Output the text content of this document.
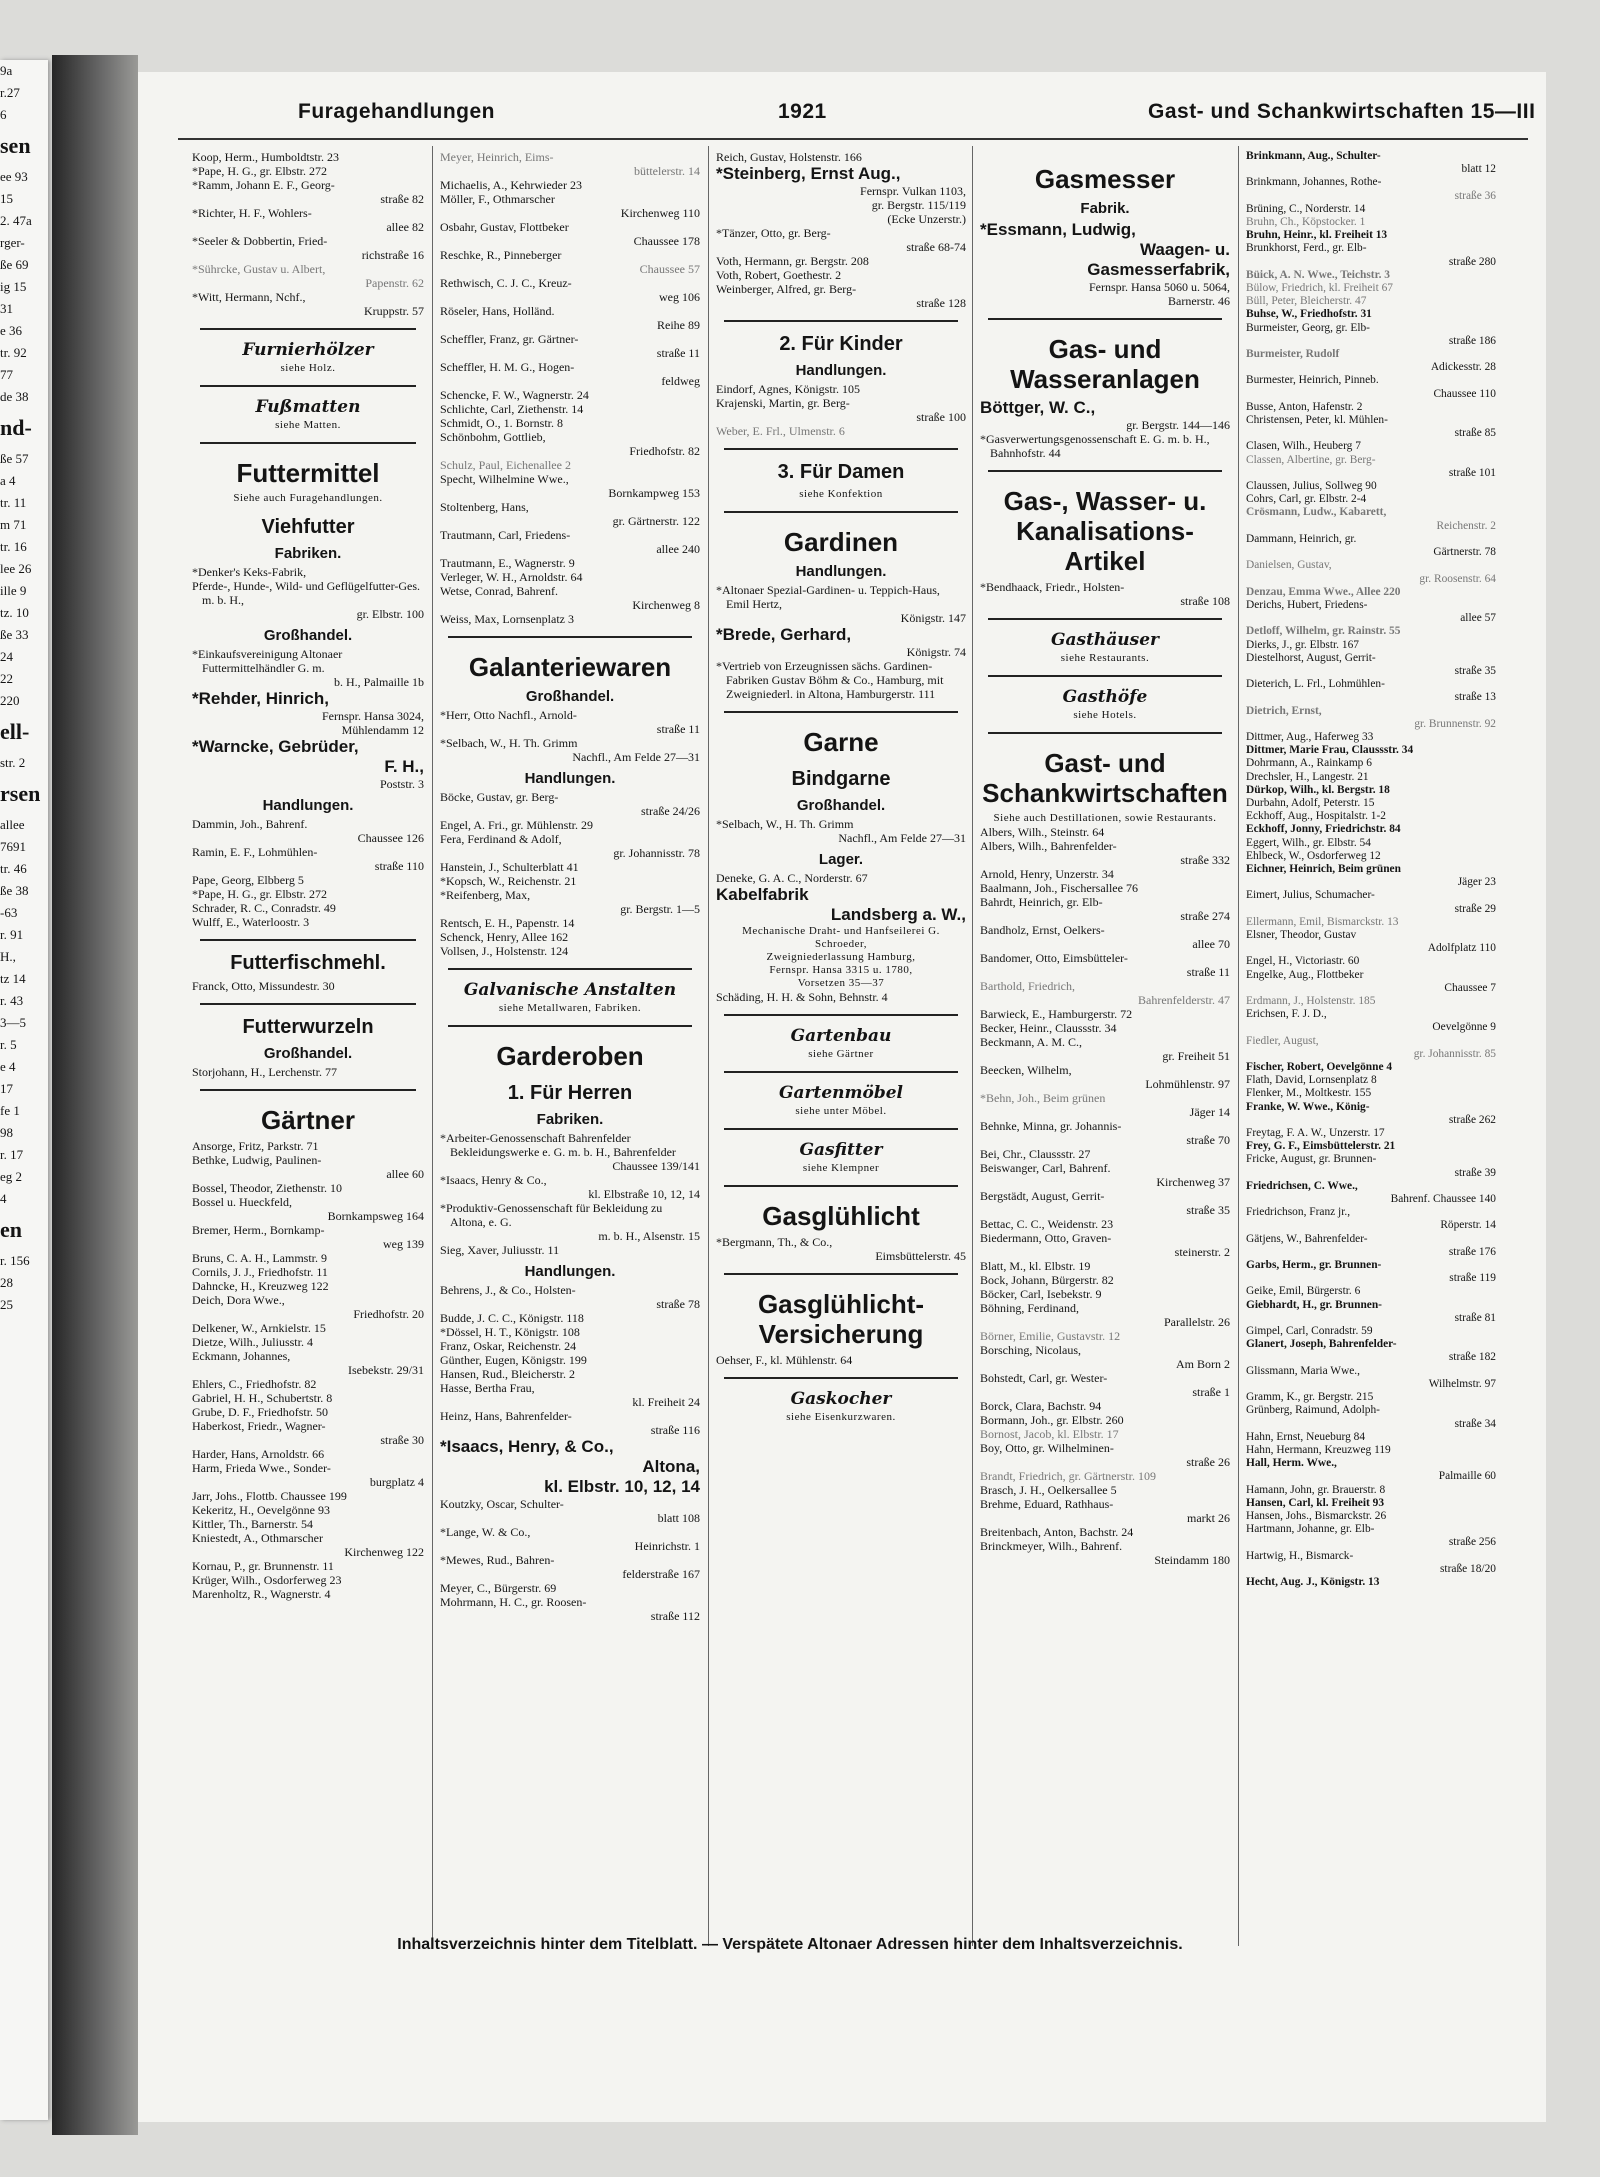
9a
r.27
6
sen
ee 93
15
2. 47a
rger-
ße 69
ig 15
31
e 36
tr. 92
77
de 38
nd-
ße 57
a 4
tr. 11
m 71
tr. 16
lee 26
ille 9
tz. 10
ße 33
24
22
220
ell-
str. 2
rsen
allee
7691
tr. 46
ße 38
-63
r. 91
H.,
tz 14
r. 43
3—5
r. 5
e 4
17
fe 1
98
r. 17
eg 2
4
en
r. 156
28
25
Furagehandlungen	1921	Gast- und Schankwirtschaften 15—III
Koop, Herm., Humboldtstr. 23
*Pape, H. G., gr. Elbstr. 272
*Ramm, Johann E. F., Georg-
straße 82
*Richter, H. F., Wohlers-
allee 82
*Seeler & Dobbertin, Fried-
richstraße 16
*Sührcke, Gustav u. Albert,
Papenstr. 62
*Witt, Hermann, Nchf.,
Kruppstr. 57
Furnierhölzer
siehe Holz.
Fußmatten
siehe Matten.
Futtermittel
Siehe auch Furagehandlungen.
Viehfutter
Fabriken.
*Denker's Keks-Fabrik,
Pferde-, Hunde-, Wild- und Geflügelfutter-Ges. m. b. H.,
gr. Elbstr. 100
Großhandel.
*Einkaufsvereinigung Altonaer Futtermittelhändler G. m.
b. H., Palmaille 1b
*Rehder, Hinrich,
Fernspr. Hansa 3024,
Mühlendamm 12
*Warncke, Gebrüder,
F. H.,
Poststr. 3
Handlungen.
Dammin, Joh., Bahrenf.
Chaussee 126
Ramin, E. F., Lohmühlen-
straße 110
Pape, Georg, Elbberg 5
*Pape, H. G., gr. Elbstr. 272
Schrader, R. C., Conradstr. 49
Wulff, E., Waterloostr. 3
Futterfischmehl.
Franck, Otto, Missundestr. 30
Futterwurzeln
Großhandel.
Storjohann, H., Lerchenstr. 77
Gärtner
Ansorge, Fritz, Parkstr. 71
Bethke, Ludwig, Paulinen-
allee 60
Bossel, Theodor, Ziethenstr. 10
Bossel u. Hueckfeld,
Bornkampsweg 164
Bremer, Herm., Bornkamp-
weg 139
Bruns, C. A. H., Lammstr. 9
Cornils, J. J., Friedhofstr. 11
Dahncke, H., Kreuzweg 122
Deich, Dora Wwe.,
Friedhofstr. 20
Delkener, W., Arnkielstr. 15
Dietze, Wilh., Juliusstr. 4
Eckmann, Johannes,
Isebekstr. 29/31
Ehlers, C., Friedhofstr. 82
Gabriel, H. H., Schubertstr. 8
Grube, D. F., Friedhofstr. 50
Haberkost, Friedr., Wagner-
straße 30
Harder, Hans, Arnoldstr. 66
Harm, Frieda Wwe., Sonder-
burgplatz 4
Jarr, Johs., Flottb. Chaussee 199
Kekeritz, H., Oevelgönne 93
Kittler, Th., Barnerstr. 54
Kniestedt, A., Othmarscher
Kirchenweg 122
Kornau, P., gr. Brunnenstr. 11
Krüger, Wilh., Osdorferweg 23
Marenholtz, R., Wagnerstr. 4
Meyer, Heinrich, Eims-
büttelerstr. 14
Michaelis, A., Kehrwieder 23
Möller, F., Othmarscher
Kirchenweg 110
Osbahr, Gustav, Flottbeker
Chaussee 178
Reschke, R., Pinneberger
Chaussee 57
Rethwisch, C. J. C., Kreuz-
weg 106
Röseler, Hans, Holländ.
Reihe 89
Scheffler, Franz, gr. Gärtner-
straße 11
Scheffler, H. M. G., Hogen-
feldweg
Schencke, F. W., Wagnerstr. 24
Schlichte, Carl, Ziethenstr. 14
Schmidt, O., 1. Bornstr. 8
Schönbohm, Gottlieb,
Friedhofstr. 82
Schulz, Paul, Eichenallee 2
Specht, Wilhelmine Wwe.,
Bornkampweg 153
Stoltenberg, Hans,
gr. Gärtnerstr. 122
Trautmann, Carl, Friedens-
allee 240
Trautmann, E., Wagnerstr. 9
Verleger, W. H., Arnoldstr. 64
Wetse, Conrad, Bahrenf.
Kirchenweg 8
Weiss, Max, Lornsenplatz 3
Galanteriewaren
Großhandel.
*Herr, Otto Nachfl., Arnold-
straße 11
*Selbach, W., H. Th. Grimm
Nachfl., Am Felde 27—31
Handlungen.
Böcke, Gustav, gr. Berg-
straße 24/26
Engel, A. Fri., gr. Mühlenstr. 29
Fera, Ferdinand & Adolf,
gr. Johannisstr. 78
Hanstein, J., Schulterblatt 41
*Kopsch, W., Reichenstr. 21
*Reifenberg, Max,
gr. Bergstr. 1—5
Rentsch, E. H., Papenstr. 14
Schenck, Henry, Allee 162
Vollsen, J., Holstenstr. 124
Galvanische Anstalten
siehe Metallwaren, Fabriken.
Garderoben
1. Für Herren
Fabriken.
*Arbeiter-Genossenschaft Bahrenfelder Bekleidungswerke e. G. m. b. H., Bahrenfelder
Chaussee 139/141
*Isaacs, Henry & Co.,
kl. Elbstraße 10, 12, 14
*Produktiv-Genossenschaft für Bekleidung zu Altona, e. G.
m. b. H., Alsenstr. 15
Sieg, Xaver, Juliusstr. 11
Handlungen.
Behrens, J., & Co., Holsten-
straße 78
Budde, J. C. C., Königstr. 118
*Dössel, H. T., Königstr. 108
Franz, Oskar, Reichenstr. 24
Günther, Eugen, Königstr. 199
Hansen, Rud., Bleicherstr. 2
Hasse, Bertha Frau,
kl. Freiheit 24
Heinz, Hans, Bahrenfelder-
straße 116
*Isaacs, Henry, & Co.,
Altona,
kl. Elbstr. 10, 12, 14
Koutzky, Oscar, Schulter-
blatt 108
*Lange, W. & Co.,
Heinrichstr. 1
*Mewes, Rud., Bahren-
felderstraße 167
Meyer, C., Bürgerstr. 69
Mohrmann, H. C., gr. Roosen-
straße 112
Reich, Gustav, Holstenstr. 166
*Steinberg, Ernst Aug.,
Fernspr. Vulkan 1103,
gr. Bergstr. 115/119
(Ecke Unzerstr.)
*Tänzer, Otto, gr. Berg-
straße 68-74
Voth, Hermann, gr. Bergstr. 208
Voth, Robert, Goethestr. 2
Weinberger, Alfred, gr. Berg-
straße 128
2. Für Kinder
Handlungen.
Eindorf, Agnes, Königstr. 105
Krajenski, Martin, gr. Berg-
straße 100
Weber, E. Frl., Ulmenstr. 6
3. Für Damen
siehe Konfektion
Gardinen
Handlungen.
*Altonaer Spezial-Gardinen- u. Teppich-Haus, Emil Hertz,
Königstr. 147
*Brede, Gerhard,
Königstr. 74
*Vertrieb von Erzeugnissen sächs. Gardinen-Fabriken Gustav Böhm & Co., Hamburg, mit Zweigniederl. in Altona, Hamburgerstr. 111
Garne
Bindgarne
Großhandel.
*Selbach, W., H. Th. Grimm
Nachfl., Am Felde 27—31
Lager.
Deneke, G. A. C., Norderstr. 67
Kabelfabrik
Landsberg a. W.,
Mechanische Draht- und Hanfseilerei G. Schroeder,
Zweigniederlassung Hamburg,
Fernspr. Hansa 3315 u. 1780,
Vorsetzen 35—37
Schäding, H. H. & Sohn, Behnstr. 4
Gartenbau
siehe Gärtner
Gartenmöbel
siehe unter Möbel.
Gasfitter
siehe Klempner
Gasglühlicht
*Bergmann, Th., & Co.,
Eimsbüttelerstr. 45
Gasglühlicht-Versicherung
Oehser, F., kl. Mühlenstr. 64
Gaskocher
siehe Eisenkurzwaren.
Gasmesser
Fabrik.
*Essmann, Ludwig,
Waagen- u.
Gasmesserfabrik,
Fernspr. Hansa 5060 u. 5064,
Barnerstr. 46
Gas- und Wasseranlagen
Böttger, W. C.,
gr. Bergstr. 144—146
*Gasverwertungsgenossenschaft E. G. m. b. H., Bahnhofstr. 44
Gas-, Wasser- u. Kanalisations-Artikel
*Bendhaack, Friedr., Holsten-
straße 108
Gasthäuser
siehe Restaurants.
Gasthöfe
siehe Hotels.
Gast- und Schankwirtschaften
Siehe auch Destillationen, sowie Restaurants.
Albers, Wilh., Steinstr. 64
Albers, Wilh., Bahrenfelder-
straße 332
Arnold, Henry, Unzerstr. 34
Baalmann, Joh., Fischersallee 76
Bahrdt, Heinrich, gr. Elb-
straße 274
Bandholz, Ernst, Oelkers-
allee 70
Bandomer, Otto, Eimsbütteler-
straße 11
Barthold, Friedrich,
Bahrenfelderstr. 47
Barwieck, E., Hamburgerstr. 72
Becker, Heinr., Claussstr. 34
Beckmann, A. M. C.,
gr. Freiheit 51
Beecken, Wilhelm,
Lohmühlenstr. 97
*Behn, Joh., Beim grünen
Jäger 14
Behnke, Minna, gr. Johannis-
straße 70
Bei, Chr., Claussstr. 27
Beiswanger, Carl, Bahrenf.
Kirchenweg 37
Bergstädt, August, Gerrit-
straße 35
Bettac, C. C., Weidenstr. 23
Biedermann, Otto, Graven-
steinerstr. 2
Blatt, M., kl. Elbstr. 19
Bock, Johann, Bürgerstr. 82
Böcker, Carl, Isebekstr. 9
Böhning, Ferdinand,
Parallelstr. 26
Börner, Emilie, Gustavstr. 12
Borsching, Nicolaus,
Am Born 2
Bohstedt, Carl, gr. Wester-
straße 1
Borck, Clara, Bachstr. 94
Bormann, Joh., gr. Elbstr. 260
Bornost, Jacob, kl. Elbstr. 17
Boy, Otto, gr. Wilhelminen-
straße 26
Brandt, Friedrich, gr. Gärtnerstr. 109
Brasch, J. H., Oelkersallee 5
Brehme, Eduard, Rathhaus-
markt 26
Breitenbach, Anton, Bachstr. 24
Brinckmeyer, Wilh., Bahrenf.
Steindamm 180
Brinkmann, Aug., Schulter-
blatt 12
Brinkmann, Johannes, Rothe-
straße 36
Brüning, C., Norderstr. 14
Bruhn, Ch., Köpstocker. 1
Bruhn, Heinr., kl. Freiheit 13
Brunkhorst, Ferd., gr. Elb-
straße 280
Büick, A. N. Wwe., Teichstr. 3
Bülow, Friedrich, kl. Freiheit 67
Büll, Peter, Bleicherstr. 47
Buhse, W., Friedhofstr. 31
Burmeister, Georg, gr. Elb-
straße 186
Burmeister, Rudolf
Adickesstr. 28
Burmester, Heinrich, Pinneb.
Chaussee 110
Busse, Anton, Hafenstr. 2
Christensen, Peter, kl. Mühlen-
straße 85
Clasen, Wilh., Heuberg 7
Classen, Albertine, gr. Berg-
straße 101
Claussen, Julius, Sollweg 90
Cohrs, Carl, gr. Elbstr. 2-4
Crösmann, Ludw., Kabarett,
Reichenstr. 2
Dammann, Heinrich, gr.
Gärtnerstr. 78
Danielsen, Gustav,
gr. Roosenstr. 64
Denzau, Emma Wwe., Allee 220
Derichs, Hubert, Friedens-
allee 57
Detloff, Wilhelm, gr. Rainstr. 55
Dierks, J., gr. Elbstr. 167
Diestelhorst, August, Gerrit-
straße 35
Dieterich, L. Frl., Lohmühlen-
straße 13
Dietrich, Ernst,
gr. Brunnenstr. 92
Dittmer, Aug., Haferweg 33
Dittmer, Marie Frau, Claussstr. 34
Dohrmann, A., Rainkamp 6
Drechsler, H., Langestr. 21
Dürkop, Wilh., kl. Bergstr. 18
Durbahn, Adolf, Peterstr. 15
Eckhoff, Aug., Hospitalstr. 1-2
Eckhoff, Jonny, Friedrichstr. 84
Eggert, Wilh., gr. Elbstr. 54
Ehlbeck, W., Osdorferweg 12
Eichner, Heinrich, Beim grünen
Jäger 23
Eimert, Julius, Schumacher-
straße 29
Ellermann, Emil, Bismarckstr. 13
Elsner, Theodor, Gustav
Adolfplatz 110
Engel, H., Victoriastr. 60
Engelke, Aug., Flottbeker
Chaussee 7
Erdmann, J., Holstenstr. 185
Erichsen, F. J. D.,
Oevelgönne 9
Fiedler, August,
gr. Johannisstr. 85
Fischer, Robert, Oevelgönne 4
Flath, David, Lornsenplatz 8
Flenker, M., Moltkestr. 155
Franke, W. Wwe., König-
straße 262
Freytag, F. A. W., Unzerstr. 17
Frey, G. F., Eimsbüttelerstr. 21
Fricke, August, gr. Brunnen-
straße 39
Friedrichsen, C. Wwe.,
Bahrenf. Chaussee 140
Friedrichson, Franz jr.,
Röperstr. 14
Gätjens, W., Bahrenfelder-
straße 176
Garbs, Herm., gr. Brunnen-
straße 119
Geike, Emil, Bürgerstr. 6
Giebhardt, H., gr. Brunnen-
straße 81
Gimpel, Carl, Conradstr. 59
Glanert, Joseph, Bahrenfelder-
straße 182
Glissmann, Maria Wwe.,
Wilhelmstr. 97
Gramm, K., gr. Bergstr. 215
Grünberg, Raimund, Adolph-
straße 34
Hahn, Ernst, Neueburg 84
Hahn, Hermann, Kreuzweg 119
Hall, Herm. Wwe.,
Palmaille 60
Hamann, John, gr. Brauerstr. 8
Hansen, Carl, kl. Freiheit 93
Hansen, Johs., Bismarckstr. 26
Hartmann, Johanne, gr. Elb-
straße 256
Hartwig, H., Bismarck-
straße 18/20
Hecht, Aug. J., Königstr. 13
Inhaltsverzeichnis hinter dem Titelblatt. — Verspätete Altonaer Adressen hinter dem Inhaltsverzeichnis.
